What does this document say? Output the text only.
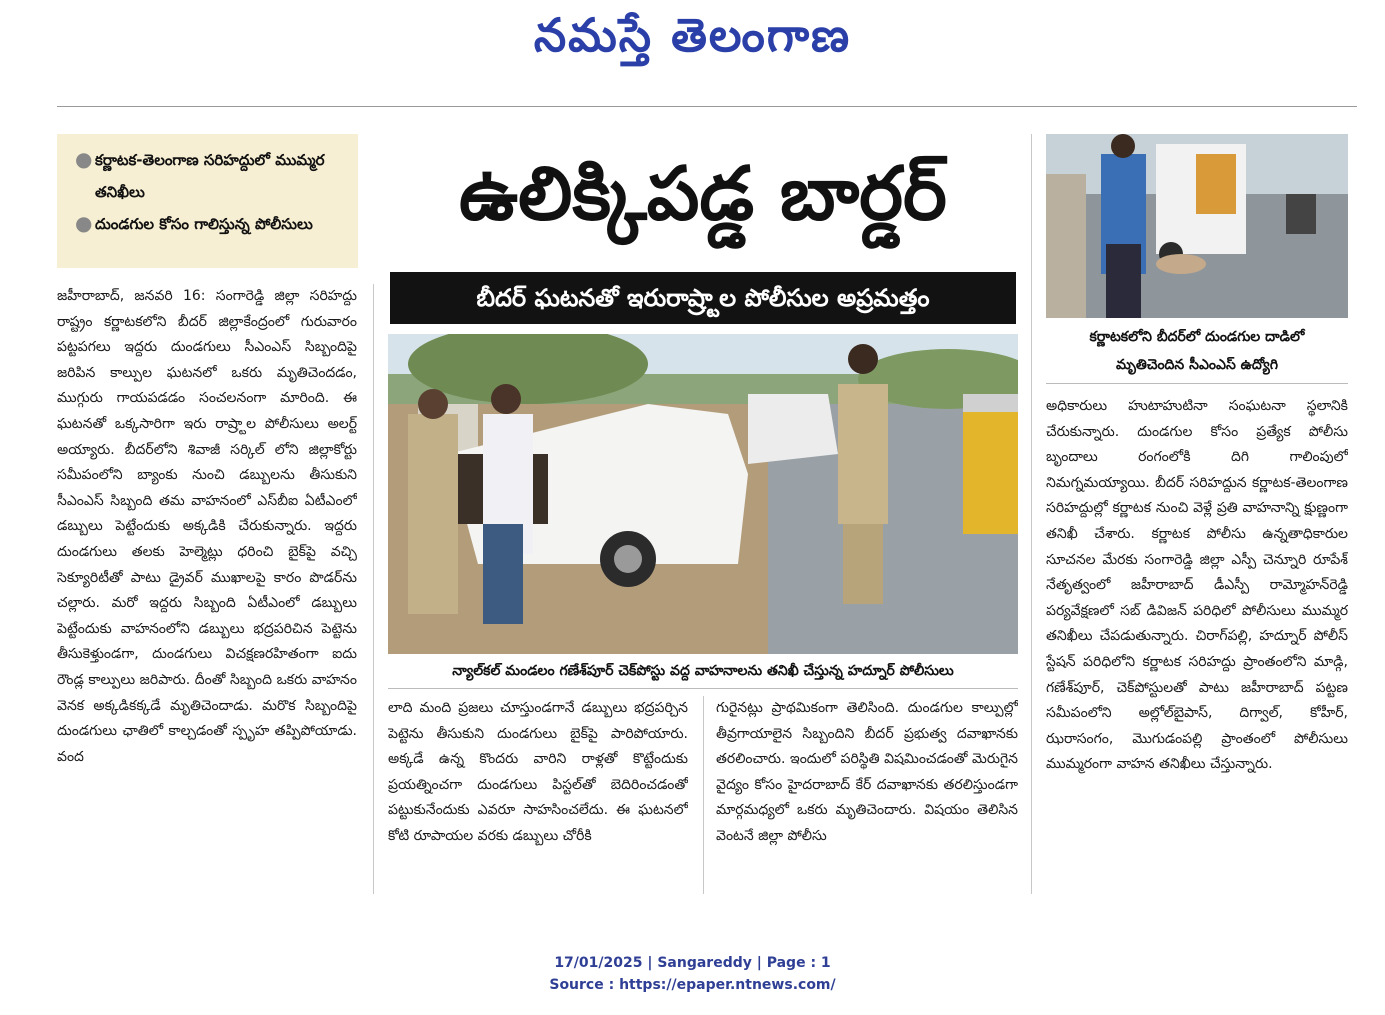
నమస్తే తెలంగాణ
● కర్ణాటక-తెలంగాణ సరిహద్దులో ముమ్మర తనిఖీలు
● దుండగుల కోసం గాలిస్తున్న పోలీసులు

జహీరాబాద్, జనవరి 16: సంగారెడ్డి జిల్లా సరిహద్దు రాష్ట్రం కర్ణాటకలోని బీదర్ జిల్లాకేంద్రంలో గురువారం పట్టపగలు ఇద్దరు దుండగులు సీఎంఎస్ సిబ్బందిపై జరిపిన కాల్పుల ఘటనలో ఒకరు మృతిచెందడం, ముగ్గురు గాయపడడం సంచలనంగా మారింది. ఈ ఘటనతో ఒక్కసారిగా ఇరు రాష్ర్టాల పోలీసులు అలర్ట్ అయ్యారు. బీదర్‌లోని శివాజీ సర్కిల్ లోని జిల్లాకోర్టు సమీపంలోని బ్యాంకు నుంచి డబ్బులను తీసుకుని సీఎంఎస్ సిబ్బంది తమ వాహనంలో ఎస్‌బీఐ ఏటీఎంలో డబ్బులు పెట్టేందుకు అక్కడికి చేరుకున్నారు. ఇద్దరు దుండగులు తలకు హెల్మెట్లు ధరించి బైక్‌పై వచ్చి సెక్యూరిటీతో పాటు డ్రైవర్ ముఖాలపై కారం పొడర్‌ను చల్లారు. మరో ఇద్దరు సిబ్బంది ఏటీఎంలో డబ్బులు పెట్టేందుకు వాహనంలోని డబ్బులు భద్రపరిచిన పెట్టెను తీసుకెళ్తుండగా, దుండగులు విచక్షణరహితంగా ఐదు రౌండ్ల కాల్పులు జరిపారు. దీంతో సిబ్బంది ఒకరు వాహనం వెనక అక్కడికక్కడే మృతిచెందాడు. మరొక సిబ్బందిపై దుండగులు ఛాతిలో కాల్చడంతో స్పృహ తప్పిపోయాడు. వంద

ఉలిక్కిపడ్డ బార్డర్
బీదర్ ఘటనతో ఇరురాష్ర్టాల పోలీసుల అప్రమత్తం
న్యాల్‌కల్ మండలం గణేశ్‌పూర్ చెక్‌పోస్టు వద్ద వాహనాలను తనిఖీ చేస్తున్న హద్నూర్ పోలీసులు

లాది మంది ప్రజలు చూస్తుండగానే డబ్బులు భద్రపర్చిన పెట్టెను తీసుకుని దుండగులు బైక్‌పై పారిపోయారు. అక్కడే ఉన్న కొందరు వారిని రాళ్లతో కొట్టేందుకు ప్రయత్నించగా దుండగులు పిస్టల్‌తో బెదిరించడంతో పట్టుకునేందుకు ఎవరూ సాహసించలేదు. ఈ ఘటనలో కోటి రూపాయల వరకు డబ్బులు చోరీకి

గురైనట్లు ప్రాథమికంగా తెలిసింది. దుండగుల కాల్పుల్లో తీవ్రగాయాలైన సిబ్బందిని బీదర్ ప్రభుత్వ దవాఖానకు తరలించారు. ఇందులో పరిస్థితి విషమించడంతో మెరుగైన వైద్యం కోసం హైదరాబాద్ కేర్ దవాఖానకు తరలిస్తుండగా మార్గమధ్యలో ఒకరు మృతిచెందారు. విషయం తెలిసిన వెంటనే జిల్లా పోలీసు

కర్ణాటకలోని బీదర్‌లో దుండగుల దాడిలో
మృతిచెందిన సీఎంఎస్ ఉద్యోగి

అధికారులు హుటాహుటినా సంఘటనా స్థలానికి చేరుకున్నారు. దుండగుల కోసం ప్రత్యేక పోలీసు బృందాలు రంగంలోకి దిగి గాలింపులో నిమగ్నమయ్యాయి. బీదర్ సరిహద్దున కర్ణాటక-తెలంగాణ సరిహద్దుల్లో కర్ణాటక నుంచి వెళ్లే ప్రతి వాహనాన్ని క్షుణ్ణంగా తనిఖీ చేశారు. కర్ణాటక పోలీసు ఉన్నతాధికారుల సూచనల మేరకు సంగారెడ్డి జిల్లా ఎస్పీ చెన్నూరి రూపేశ్ నేతృత్వంలో జహీరాబాద్ డీఎస్పీ రామ్మోహన్‌రెడ్డి పర్యవేక్షణలో సబ్ డివిజన్ పరిధిలో పోలీసులు ముమ్మర తనిఖీలు చేపడుతున్నారు. చిరాగ్‌పల్లి, హద్నూర్ పోలీస్ స్టేషన్ పరిధిలోని కర్ణాటక సరిహద్దు ప్రాంతంలోని మాడ్గి, గణేశ్‌పూర్, చెక్‌పోస్టులతో పాటు జహీరాబాద్ పట్టణ సమీపంలోని అల్లోల్‌బైపాస్, దిగ్వాల్, కోహీర్, ఝరాసంగం, మొగుడంపల్లి ప్రాంతంలో పోలీసులు ముమ్మరంగా వాహన తనిఖీలు చేస్తున్నారు.

17/01/2025 | Sangareddy | Page : 1
Source : https://epaper.ntnews.com/
